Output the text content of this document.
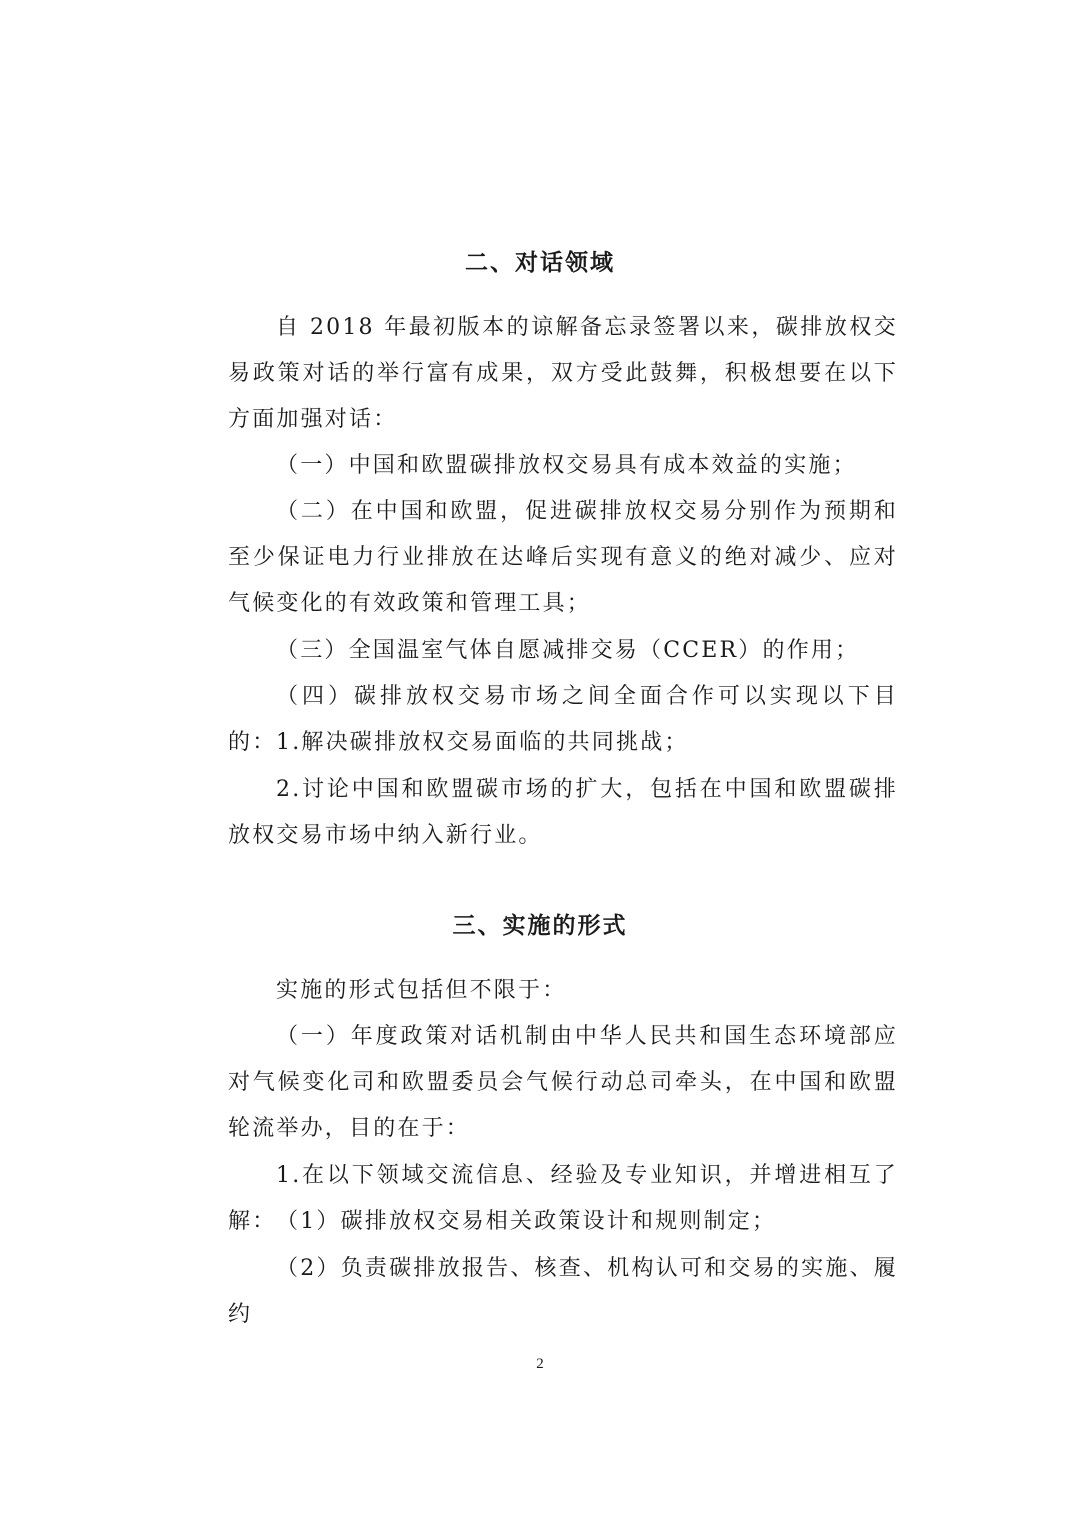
二、对话领域

自 2018 年最初版本的谅解备忘录签署以来，碳排放权交易政策对话的举行富有成果，双方受此鼓舞，积极想要在以下方面加强对话：

（一）中国和欧盟碳排放权交易具有成本效益的实施；

（二）在中国和欧盟，促进碳排放权交易分别作为预期和至少保证电力行业排放在达峰后实现有意义的绝对减少、应对气候变化的有效政策和管理工具；

（三）全国温室气体自愿减排交易（CCER）的作用；

（四）碳排放权交易市场之间全面合作可以实现以下目的： 1.解决碳排放权交易面临的共同挑战；

2.讨论中国和欧盟碳市场的扩大，包括在中国和欧盟碳排放权交易市场中纳入新行业。

三、实施的形式

实施的形式包括但不限于：

（一）年度政策对话机制由中华人民共和国生态环境部应对气候变化司和欧盟委员会气候行动总司牵头，在中国和欧盟轮流举办，目的在于：

1.在以下领域交流信息、经验及专业知识，并增进相互了解： （1）碳排放权交易相关政策设计和规则制定；

（2）负责碳排放报告、核查、机构认可和交易的实施、履约

2
